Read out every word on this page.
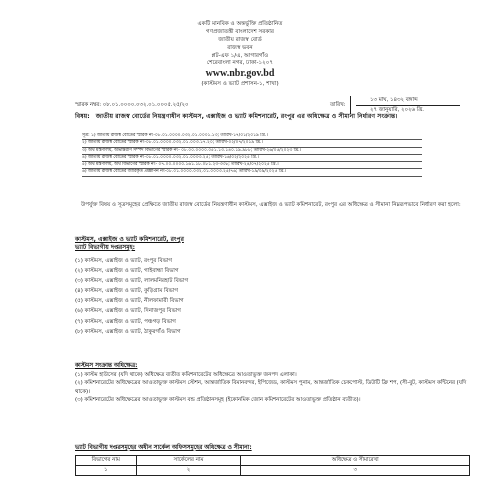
একটি মানবিক ও অন্তর্ভুক্তি প্রতিষ্ঠানিত
গণপ্রজাতন্ত্রী বাংলাদেশ সরকার
জাতীয় রাজস্ব বোর্ড
রাজস্ব ভবন
প্লট-এফ ১/এ, আগারগাঁও
শেরেবাংলা নগর, ঢাকা-১২০৭
www.nbr.gov.bd
(কাস্টমস ও ভ্যাট প্রশাসন-১, শাখা)
স্মারক নম্বর: ০৮.০১.০০০০.০৩২.০১.০০০৫.২৫/২০	তারিখ:
১৩ মাঘ, ১৪৩২ বঙ্গাব্দ
২৭ জানুয়ারি, ২০২৬ খ্রি.
বিষয়: জাতীয় রাজস্ব বোর্ডের নিয়ন্ত্রণাধীন কাস্টমস, এক্সাইজ ও ভ্যাট কমিশনারেট, রংপুর এর অধিক্ষেত্র ও সীমানা নির্ধারণ সংক্রান্ত।
সূত্র: ১) জাতীয় রাজস্ব বোর্ডের স্মারক নং-০৮.০১.০০০০.০৩২.০১.০০০১.১৩; তারিখ-১৭/০১/২০১৯ খ্রি.।
২) জাতীয় রাজস্ব বোর্ডের স্মারক নং-০৮.০১.০০০০.০৩২.০১.০০৩.১৭.২০; তারিখ-০২/০৭/২০১৯ খ্রি.।
৩) অর্থ মন্ত্রণালয়, অভ্যন্তরীণ সম্পদ বিভাগের স্মারক নং- ০৮.০০.০০০০.০৫১.১৩.১৪০.১৯.৯৮৮; তারিখ-২৬/০৫/২০২৩ খ্রি.।
৪) জাতীয় রাজস্ব বোর্ডের স্মারক নং-০৮.০১.০০০০.০৩২.০১.০০০৩.২৫; তারিখ-১৬/০২/২০২৫ খ্রি.।
৫) অর্থ মন্ত্রণালয়, অর্থ বিভাগের স্মারক নং- ০৭.০০.০০০০.১৬১.১৮.০৮১.২৩-৩৩৮; তারিখ-২৪/০৭/২০২৫ খ্রি.।
৬) জাতীয় রাজস্ব বোর্ডের জারিকৃত প্রজ্ঞাপন নং-০৮.০১.০০০০.০৩২.০১.০০০৩.২৫/৭৬; তারিখ-১৯/০৯/২০২৫ খ্রি.।
উপর্যুক্ত বিষয় ও সূত্রসমূহের প্রেক্ষিতে জাতীয় রাজস্ব বোর্ডের নিয়ন্ত্রণাধীন কাস্টমস, এক্সাইজ ও ভ্যাট কমিশনারেট, রংপুর এর অধিক্ষেত্র ও সীমানা নিম্নরূপভাবে নির্ধারণ করা হলো:
কাস্টমস, এক্সাইজ ও ভ্যাট কমিশনারেট, রংপুর
ভ্যাট বিভাগীয় দপ্তরসমূহ:
(১) কাস্টমস, এক্সাইজ ও ভ্যাট, রংপুর বিভাগ
(২) কাস্টমস, এক্সাইজ ও ভ্যাট, গাইবান্ধা বিভাগ
(৩) কাস্টমস, এক্সাইজ ও ভ্যাট, লালমনিরহাট বিভাগ
(৪) কাস্টমস, এক্সাইজ ও ভ্যাট, কুড়িগ্রাম বিভাগ
(৫) কাস্টমস, এক্সাইজ ও ভ্যাট, নীলফামারী বিভাগ
(৬) কাস্টমস, এক্সাইজ ও ভ্যাট, দিনাজপুর বিভাগ
(৭) কাস্টমস, এক্সাইজ ও ভ্যাট, পঞ্চগড় বিভাগ
(৮) কাস্টমস, এক্সাইজ ও ভ্যাট, ঠাকুরগাঁও বিভাগ
কাস্টমস সংক্রান্ত অধিক্ষেত্র:
(১) কাস্টম হাউসের (যদি থাকে) অধিক্ষেত্র ব্যতীত কমিশনারেটের অধিক্ষেত্রে আওতাভুক্ত জনপদ এলাকা।
(২) কমিশনারেটের অধিক্ষেত্রের আওতাভুক্ত কাস্টমস স্টেশন, আন্তর্জাতিক বিমানবন্দর, ইপিজেড, কাস্টমস পুনাম, আন্তর্জাতিক চেকপোস্ট, ডিউটি ফ্রি শপ, (সী-বুট, কাস্টমস কন্টিনের (যদি থাকে)।
(৩) কমিশনারেটের অধিক্ষেত্রের আওতাভুক্ত কাস্টমস বন্ড প্রতিষ্ঠানসমূহ (ইকোনমিক জোন কমিশনারেটের আওতাভুক্ত প্রতিষ্ঠান ব্যতীত)।
ভ্যাট বিভাগীয় দপ্তরসমূহের অধীন সার্কেল অফিসসমূহের অধিক্ষেত্র ও সীমানা:
বিভাগের নাম	সার্কেলের নাম	অধিক্ষেত্র ও সীমারেখা
১	২	৩
